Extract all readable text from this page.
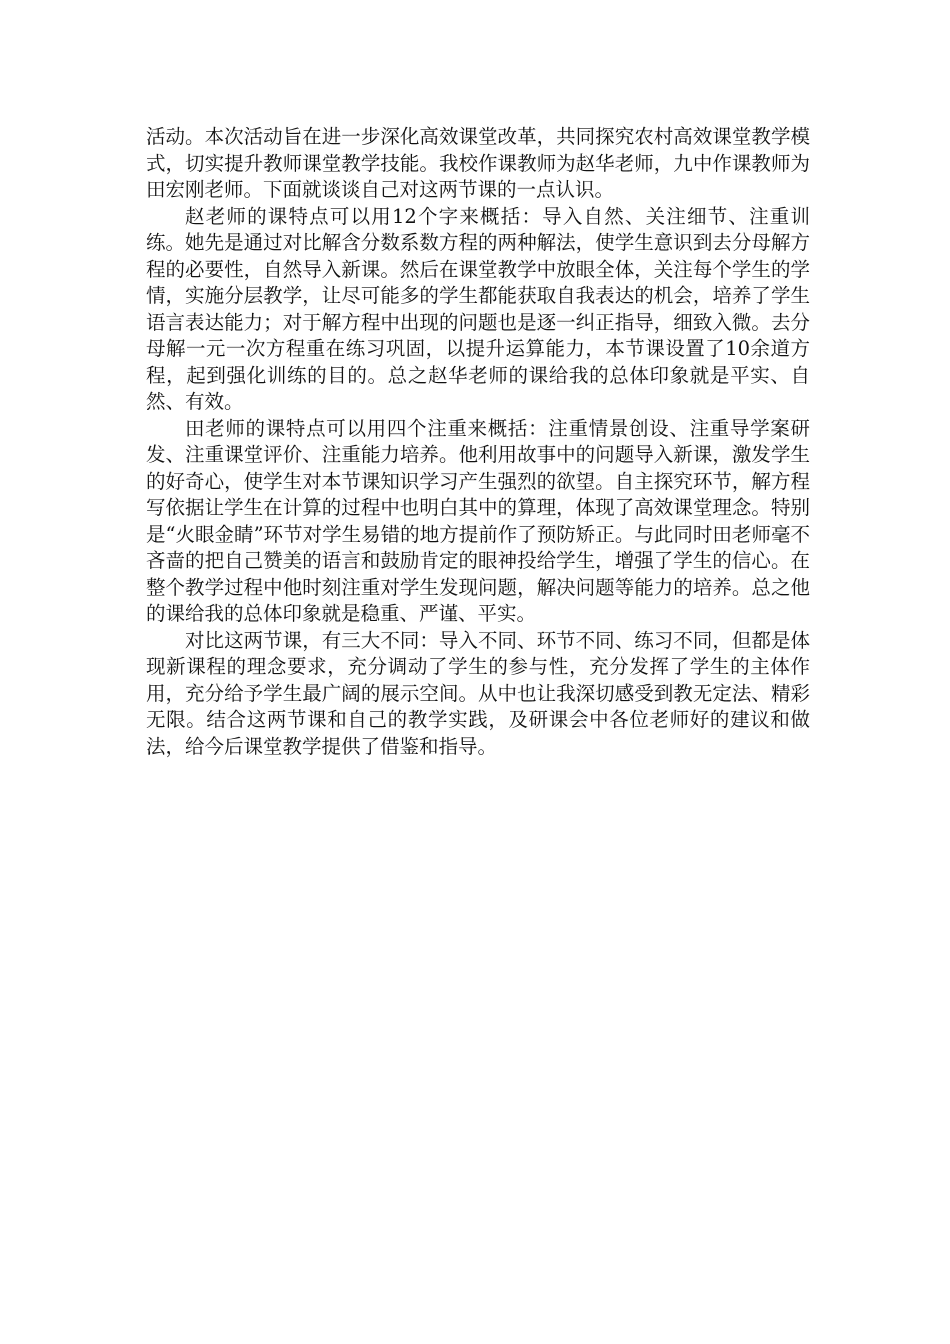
活动。本次活动旨在进一步深化高效课堂改革，共同探究农村高效课堂教学模式，切实提升教师课堂教学技能。我校作课教师为赵华老师，九中作课教师为田宏刚老师。下面就谈谈自己对这两节课的一点认识。

赵老师的课特点可以用12个字来概括：导入自然、关注细节、注重训练。她先是通过对比解含分数系数方程的两种解法，使学生意识到去分母解方程的必要性，自然导入新课。然后在课堂教学中放眼全体，关注每个学生的学情，实施分层教学，让尽可能多的学生都能获取自我表达的机会，培养了学生语言表达能力；对于解方程中出现的问题也是逐一纠正指导，细致入微。去分母解一元一次方程重在练习巩固，以提升运算能力，本节课设置了10余道方程，起到强化训练的目的。总之赵华老师的课给我的总体印象就是平实、自然、有效。

田老师的课特点可以用四个注重来概括：注重情景创设、注重导学案研发、注重课堂评价、注重能力培养。他利用故事中的问题导入新课，激发学生的好奇心，使学生对本节课知识学习产生强烈的欲望。自主探究环节，解方程写依据让学生在计算的过程中也明白其中的算理，体现了高效课堂理念。特别是“火眼金睛”环节对学生易错的地方提前作了预防矫正。与此同时田老师毫不吝啬的把自己赞美的语言和鼓励肯定的眼神投给学生，增强了学生的信心。在整个教学过程中他时刻注重对学生发现问题，解决问题等能力的培养。总之他的课给我的总体印象就是稳重、严谨、平实。

对比这两节课，有三大不同：导入不同、环节不同、练习不同，但都是体现新课程的理念要求，充分调动了学生的参与性，充分发挥了学生的主体作用，充分给予学生最广阔的展示空间。从中也让我深切感受到教无定法、精彩无限。结合这两节课和自己的教学实践，及研课会中各位老师好的建议和做法，给今后课堂教学提供了借鉴和指导。
